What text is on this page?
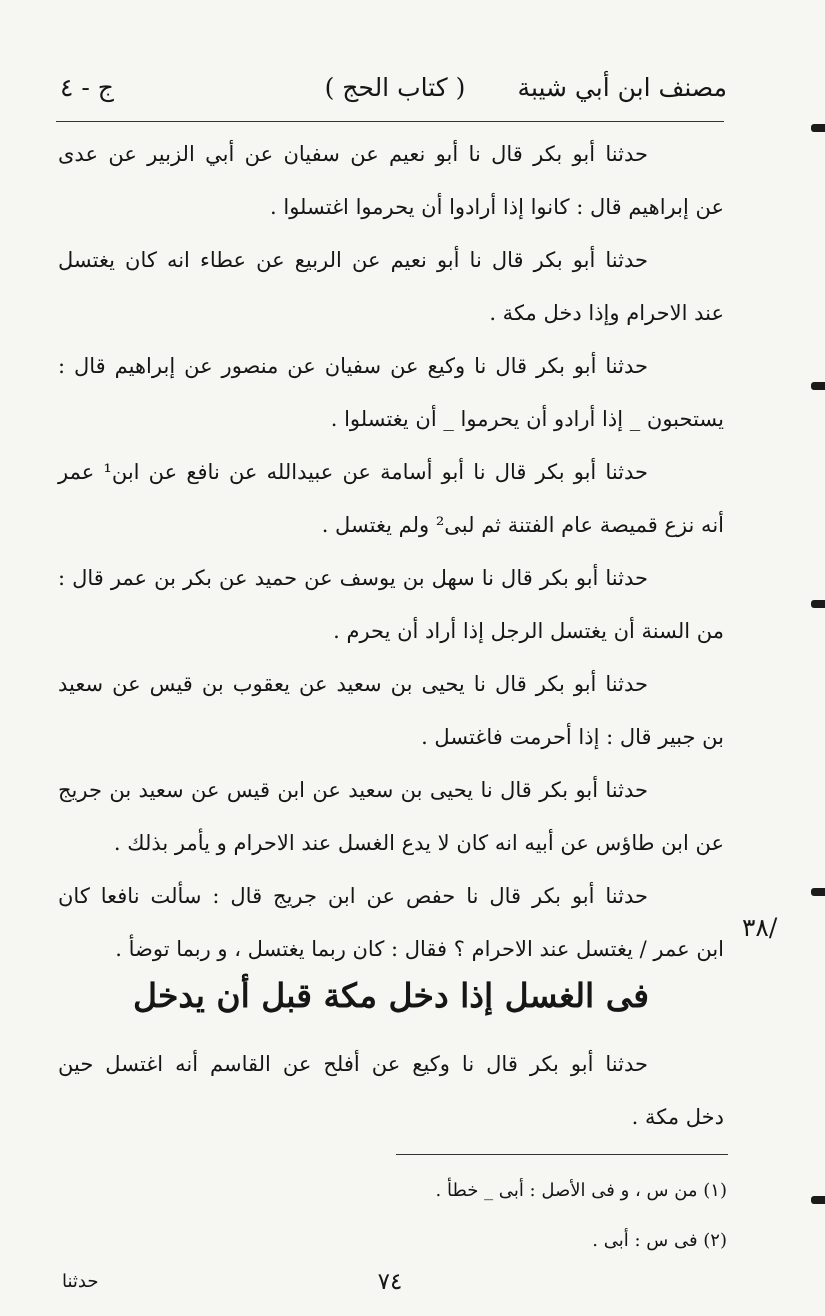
مصنف ابن أبي شيبة
( كتاب الحج )
ج - ٤
حدثنا أبو بكر قال نا أبو نعيم عن سفيان عن أبي الزبير عن عدى
عن إبراهيم قال : كانوا إذا أرادوا أن يحرموا اغتسلوا .
حدثنا أبو بكر قال نا أبو نعيم عن الربيع عن عطاء انه كان يغتسل
عند الاحرام وإذا دخل مكة .
حدثنا أبو بكر قال نا وكيع عن سفيان عن منصور عن إبراهيم قال :
يستحبون _ إذا أرادو أن يحرموا _ أن يغتسلوا .
حدثنا أبو بكر قال نا أبو أسامة عن عبيدالله عن نافع عن ابن¹ عمر
أنه نزع قميصة عام الفتنة ثم لبى² ولم يغتسل .
حدثنا أبو بكر قال نا سهل بن يوسف عن حميد عن بكر بن عمر قال :
من السنة أن يغتسل الرجل إذا أراد أن يحرم .
حدثنا أبو بكر قال نا يحيى بن سعيد عن يعقوب بن قيس عن سعيد
بن جبير قال : إذا أحرمت فاغتسل .
حدثنا أبو بكر قال نا يحيى بن سعيد عن ابن قيس عن سعيد بن جريج
عن ابن طاؤس عن أبيه انه كان لا يدع الغسل عند الاحرام و يأمر بذلك .
حدثنا أبو بكر قال نا حفص عن ابن جريج قال : سألت نافعا كان
ابن عمر / يغتسل عند الاحرام ؟ فقال : كان ربما يغتسل ، و ربما توضأ .
/٣٨
فى الغسل إذا دخل مكة قبل أن يدخل
حدثنا أبو بكر قال نا وكيع عن أفلح عن القاسم أنه اغتسل حين
دخل مكة .
(١) من س ، و فى الأصل : أبى _ خطأ .
(٢) فى س : أبى .
٧٤
حدثنا
